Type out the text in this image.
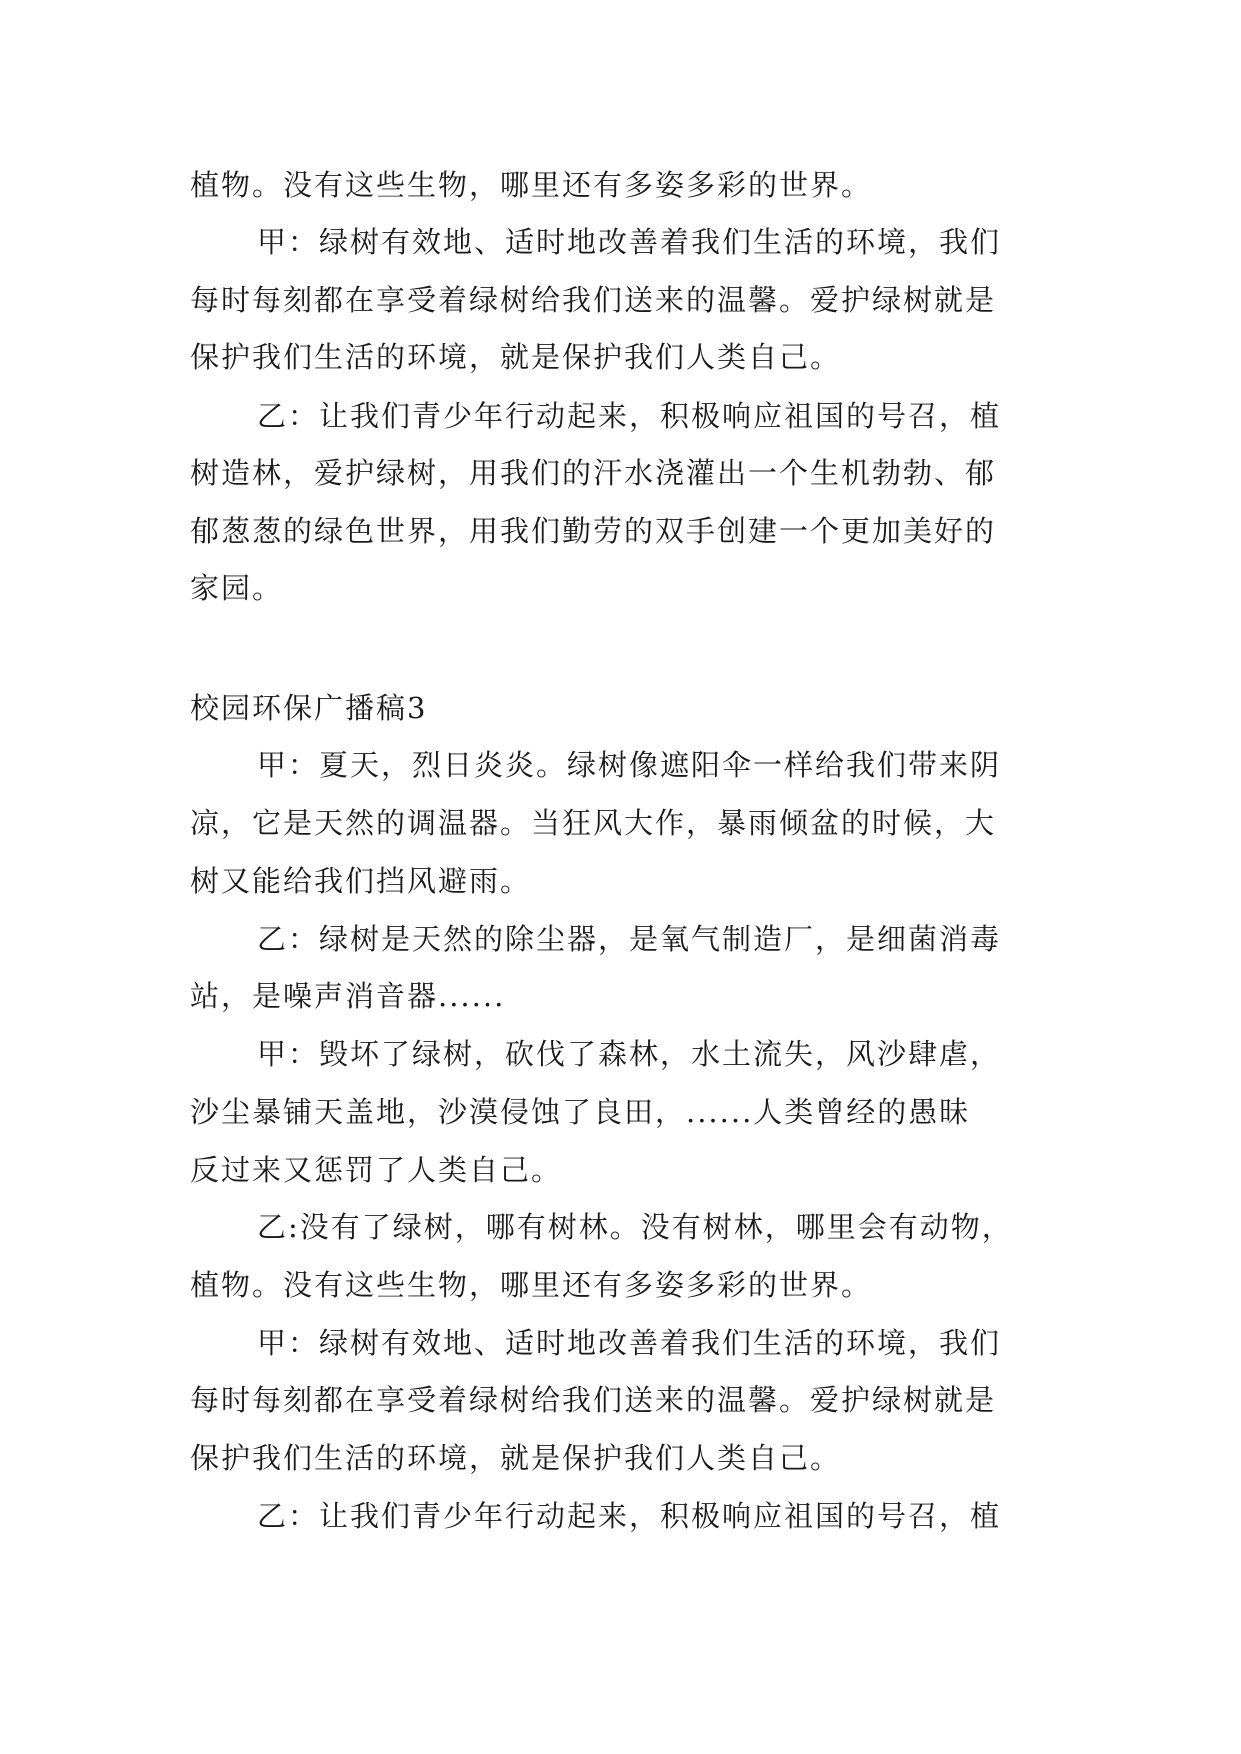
植物。没有这些生物，哪里还有多姿多彩的世界。
甲：绿树有效地、适时地改善着我们生活的环境，我们
每时每刻都在享受着绿树给我们送来的温馨。爱护绿树就是
保护我们生活的环境，就是保护我们人类自己。
乙：让我们青少年行动起来，积极响应祖国的号召，植
树造林，爱护绿树，用我们的汗水浇灌出一个生机勃勃、郁
郁葱葱的绿色世界，用我们勤劳的双手创建一个更加美好的
家园。
校园环保广播稿3
甲：夏天，烈日炎炎。绿树像遮阳伞一样给我们带来阴
凉，它是天然的调温器。当狂风大作，暴雨倾盆的时候，大
树又能给我们挡风避雨。
乙：绿树是天然的除尘器，是氧气制造厂，是细菌消毒
站，是噪声消音器......
甲：毁坏了绿树，砍伐了森林，水土流失，风沙肆虐，
沙尘暴铺天盖地，沙漠侵蚀了良田，......人类曾经的愚昧
反过来又惩罚了人类自己。
乙:没有了绿树，哪有树林。没有树林，哪里会有动物，
植物。没有这些生物，哪里还有多姿多彩的世界。
甲：绿树有效地、适时地改善着我们生活的环境，我们
每时每刻都在享受着绿树给我们送来的温馨。爱护绿树就是
保护我们生活的环境，就是保护我们人类自己。
乙：让我们青少年行动起来，积极响应祖国的号召，植
